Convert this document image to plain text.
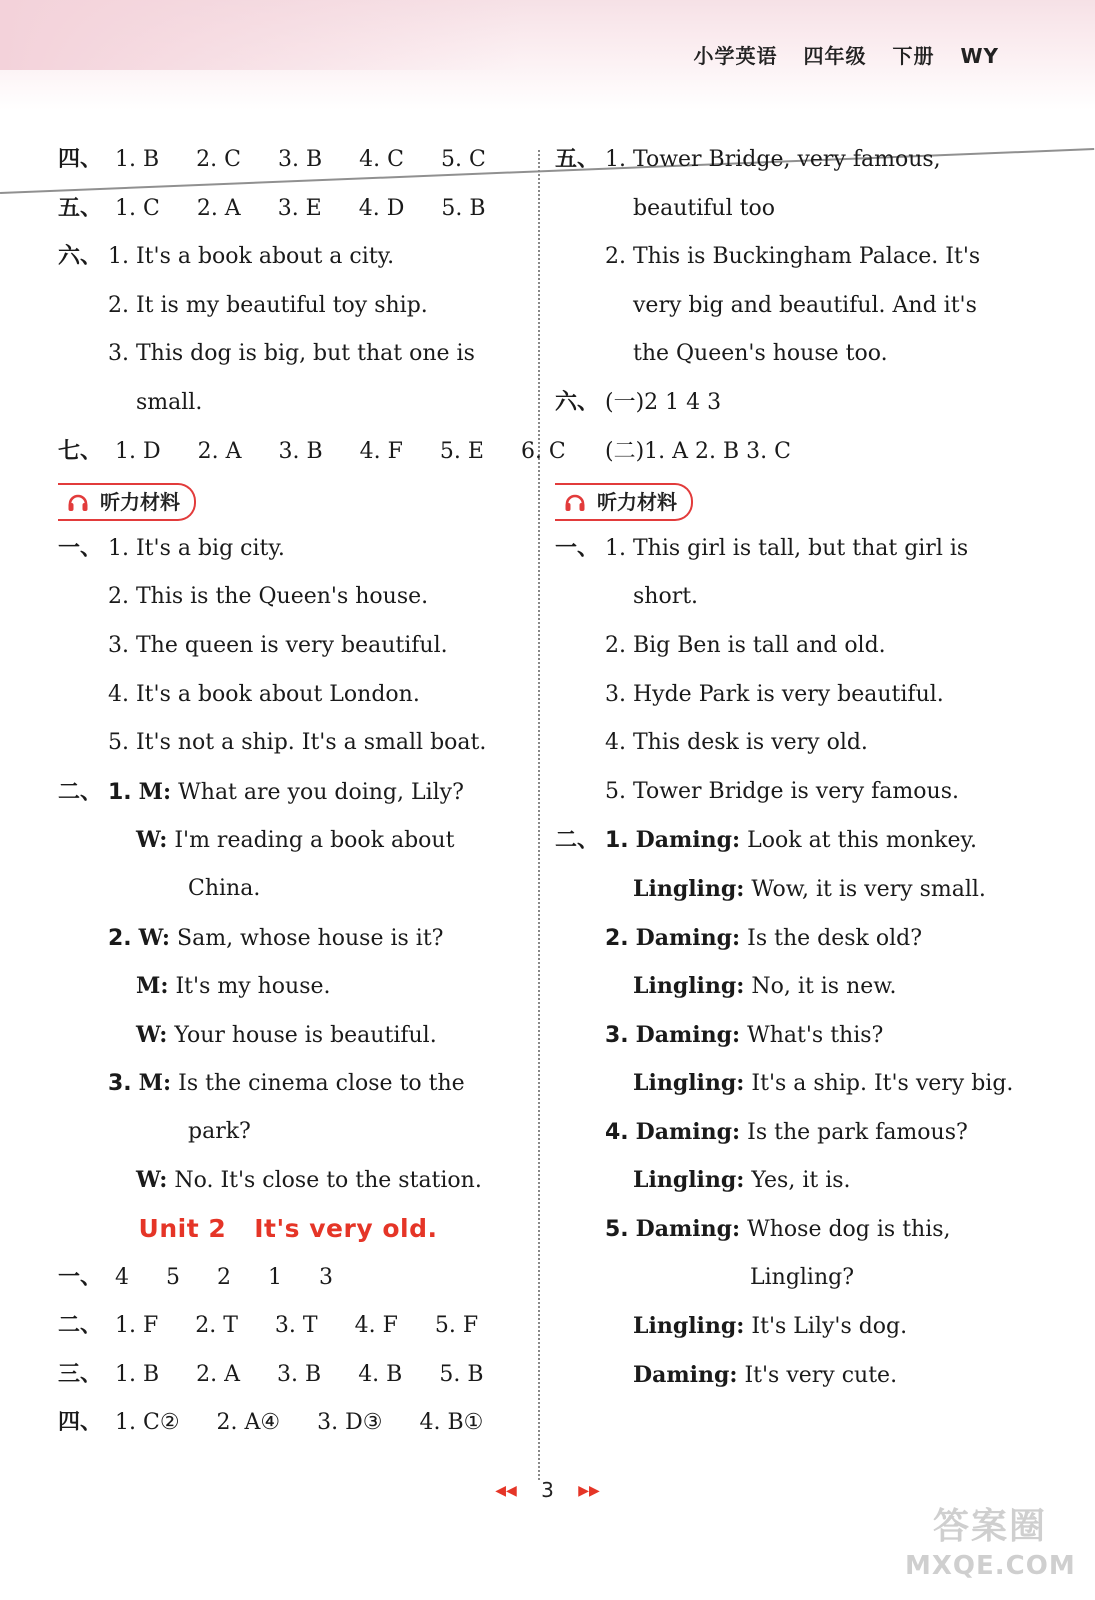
小学英语 四年级 下册 WY
四、 1. B 2. C 3. B 4. C 5. C
五、 1. C 2. A 3. E 4. D 5. B
六、 1. It's a book about a city.
2. It is my beautiful toy ship.
3. This dog is big, but that one is
small.
七、 1. D 2. A 3. B 4. F 5. E 6. C
听力材料
一、 1. It's a big city.
2. This is the Queen's house.
3. The queen is very beautiful.
4. It's a book about London.
5. It's not a ship. It's a small boat.
二、 1. M: What are you doing, Lily?
W: I'm reading a book about
China.
2. W: Sam, whose house is it?
M: It's my house.
W: Your house is beautiful.
3. M: Is the cinema close to the
park?
W: No. It's close to the station.
Unit 2 It's very old.
一、 4 5 2 1 3
二、 1. F 2. T 3. T 4. F 5. F
三、 1. B 2. A 3. B 4. B 5. B
四、 1. C② 2. A④ 3. D③ 4. B①
五、 1. Tower Bridge, very famous,
beautiful too
2. This is Buckingham Palace. It's
very big and beautiful. And it's
the Queen's house too.
六、 (一)2 1 4 3
(二)1. A 2. B 3. C
听力材料
一、 1. This girl is tall, but that girl is
short.
2. Big Ben is tall and old.
3. Hyde Park is very beautiful.
4. This desk is very old.
5. Tower Bridge is very famous.
二、 1. Daming: Look at this monkey.
Lingling: Wow, it is very small.
2. Daming: Is the desk old?
Lingling: No, it is new.
3. Daming: What's this?
Lingling: It's a ship. It's very big.
4. Daming: Is the park famous?
Lingling: Yes, it is.
5. Daming: Whose dog is this,
Lingling?
Lingling: It's Lily's dog.
Daming: It's very cute.
◀◀ 3 ▶▶
答案圈
MXQE.COM
